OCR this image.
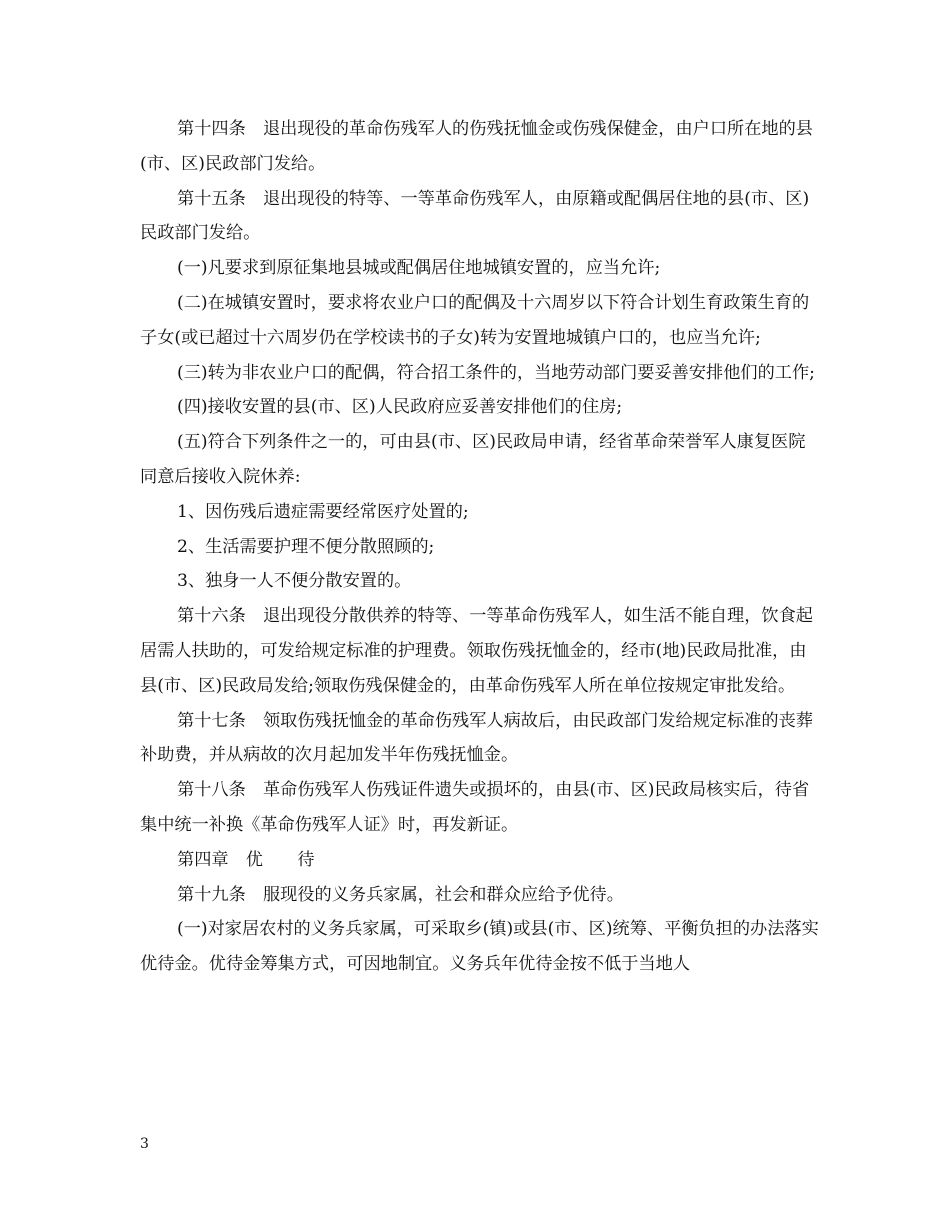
第十四条　退出现役的革命伤残军人的伤残抚恤金或伤残保健金，由户口所在地的县(市、区)民政部门发给。

第十五条　退出现役的特等、一等革命伤残军人，由原籍或配偶居住地的县(市、区)民政部门发给。

(一)凡要求到原征集地县城或配偶居住地城镇安置的，应当允许;

(二)在城镇安置时，要求将农业户口的配偶及十六周岁以下符合计划生育政策生育的子女(或已超过十六周岁仍在学校读书的子女)转为安置地城镇户口的，也应当允许;

(三)转为非农业户口的配偶，符合招工条件的，当地劳动部门要妥善安排他们的工作;

(四)接收安置的县(市、区)人民政府应妥善安排他们的住房;

(五)符合下列条件之一的，可由县(市、区)民政局申请，经省革命荣誉军人康复医院同意后接收入院休养:

1、因伤残后遗症需要经常医疗处置的;

2、生活需要护理不便分散照顾的;

3、独身一人不便分散安置的。

第十六条　退出现役分散供养的特等、一等革命伤残军人，如生活不能自理，饮食起居需人扶助的，可发给规定标准的护理费。领取伤残抚恤金的，经市(地)民政局批准，由县(市、区)民政局发给;领取伤残保健金的，由革命伤残军人所在单位按规定审批发给。

第十七条　领取伤残抚恤金的革命伤残军人病故后，由民政部门发给规定标准的丧葬补助费，并从病故的次月起加发半年伤残抚恤金。

第十八条　革命伤残军人伤残证件遗失或损坏的，由县(市、区)民政局核实后，待省集中统一补换《革命伤残军人证》时，再发新证。

第四章　优　　待

第十九条　服现役的义务兵家属，社会和群众应给予优待。

(一)对家居农村的义务兵家属，可采取乡(镇)或县(市、区)统筹、平衡负担的办法落实优待金。优待金筹集方式，可因地制宜。义务兵年优待金按不低于当地人

3
